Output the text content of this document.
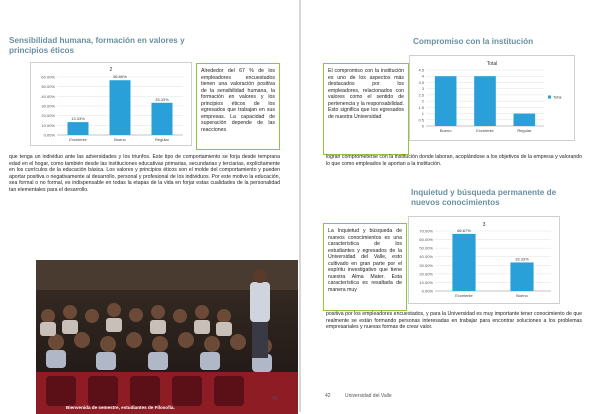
Sensibilidad humana, formación en valores y principios éticos
2
0.00%
10.00%
20.00%
30.00%
40.00%
50.00%
60.00%
Excelente
13.33%
Bueno
56.66%
Regular
33.33%
Alrededor del 67 % de los empleadores encuestados tienen una valoración positiva de la sensibilidad humana, la formación en valores y los principios éticos de los egresados que trabajan en sus empresas. La capacidad de superación depende de las reacciones
que tenga un individuo ante las adversidades y los triunfos. Este tipo de comportamiento se forja desde temprana edad en el hogar, como también desde las instituciones educativas primarias, secundarias y terciarias, explícitamente en los currículos de la educación básica. Los valores y principios éticos son el molde del comportamiento y pueden aportar positiva o negativamente al desarrollo, personal y profesional de los individuos. Por este motivo la educación, sea formal o no formal, es indispensable en todas la etapas de la vida en forjar estas cualidades de la personalidad tan elementales para el desarrollo.
Bienvenida de semestre, estudiantes de Filosofía.
41
Compromiso con la institución
El compromiso con la institución es uno de los aspectos más destacados por los empleadores, relacionados con valores como el sentido de pertenencia y la responsabilidad. Esto significa que los egresados de nuestra Universidad
Total
0
0.5
1
1.5
2
2.5
3
3.5
4
4.5
Bueno	Excelente	Regular
Total
logran comprometerse con la institución donde laboran, acoplándose a los objetivos de la empresa y valorando lo que como empleados le aportan a la institución.
Inquietud y búsqueda permanente de nuevos conocimientos
La Inquietud y búsqueda de nuevos conocimientos es una característica de los estudiantes y egresados de la Universidad del Valle, esto cultivado en gran parte por el espíritu investigativo que tiene nuestra Alma Mater. Esta característica es resaltada de manera muy
3
0.00%
10.00%
20.00%
30.00%
40.00%
50.00%
60.00%
70.00%
Excelente
66.67%
Bueno
33.33%
positiva por los empleadores encuestados, y para la Universidad es muy importante tener conocimiento de que realmente se están formando personas interesadas en trabajar para encontrar soluciones a los problemas empresariales y nuevas formas de crear valor.
42	Universidad del Valle
